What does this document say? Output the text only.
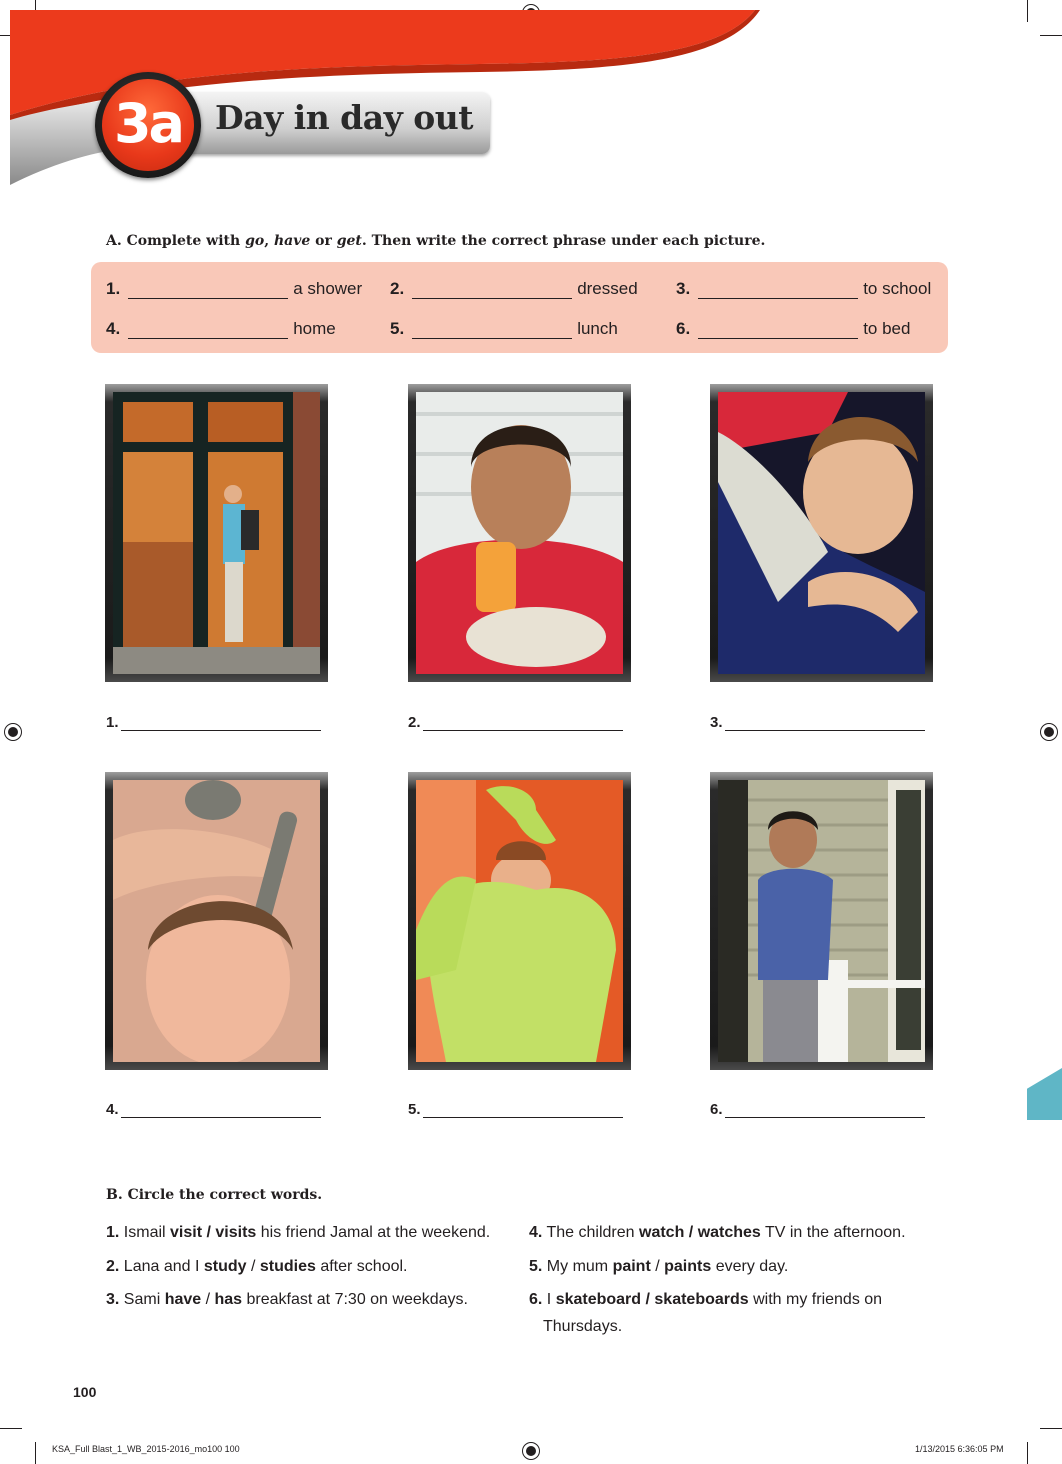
Day in day out
3a
A. Complete with go, have or get. Then write the correct phrase under each picture.
1.	a shower 2.	dressed 3.	to school
4.	home	5.	lunch	6.	to bed
1.	2.	3.
4.	5.	6.
B. Circle the correct words.
1. Ismail visit / visits his friend Jamal at the weekend.
2. Lana and I study / studies after school.
3. Sami have / has breakfast at 7:30 on weekdays.
4. The children watch / watches TV in the afternoon.
5. My mum paint / paints every day.
6. I skateboard / skateboards with my friends on
Thursdays.
100
KSA_Full Blast_1_WB_2015-2016_mo100 100	1/13/2015 6:36:05 PM
